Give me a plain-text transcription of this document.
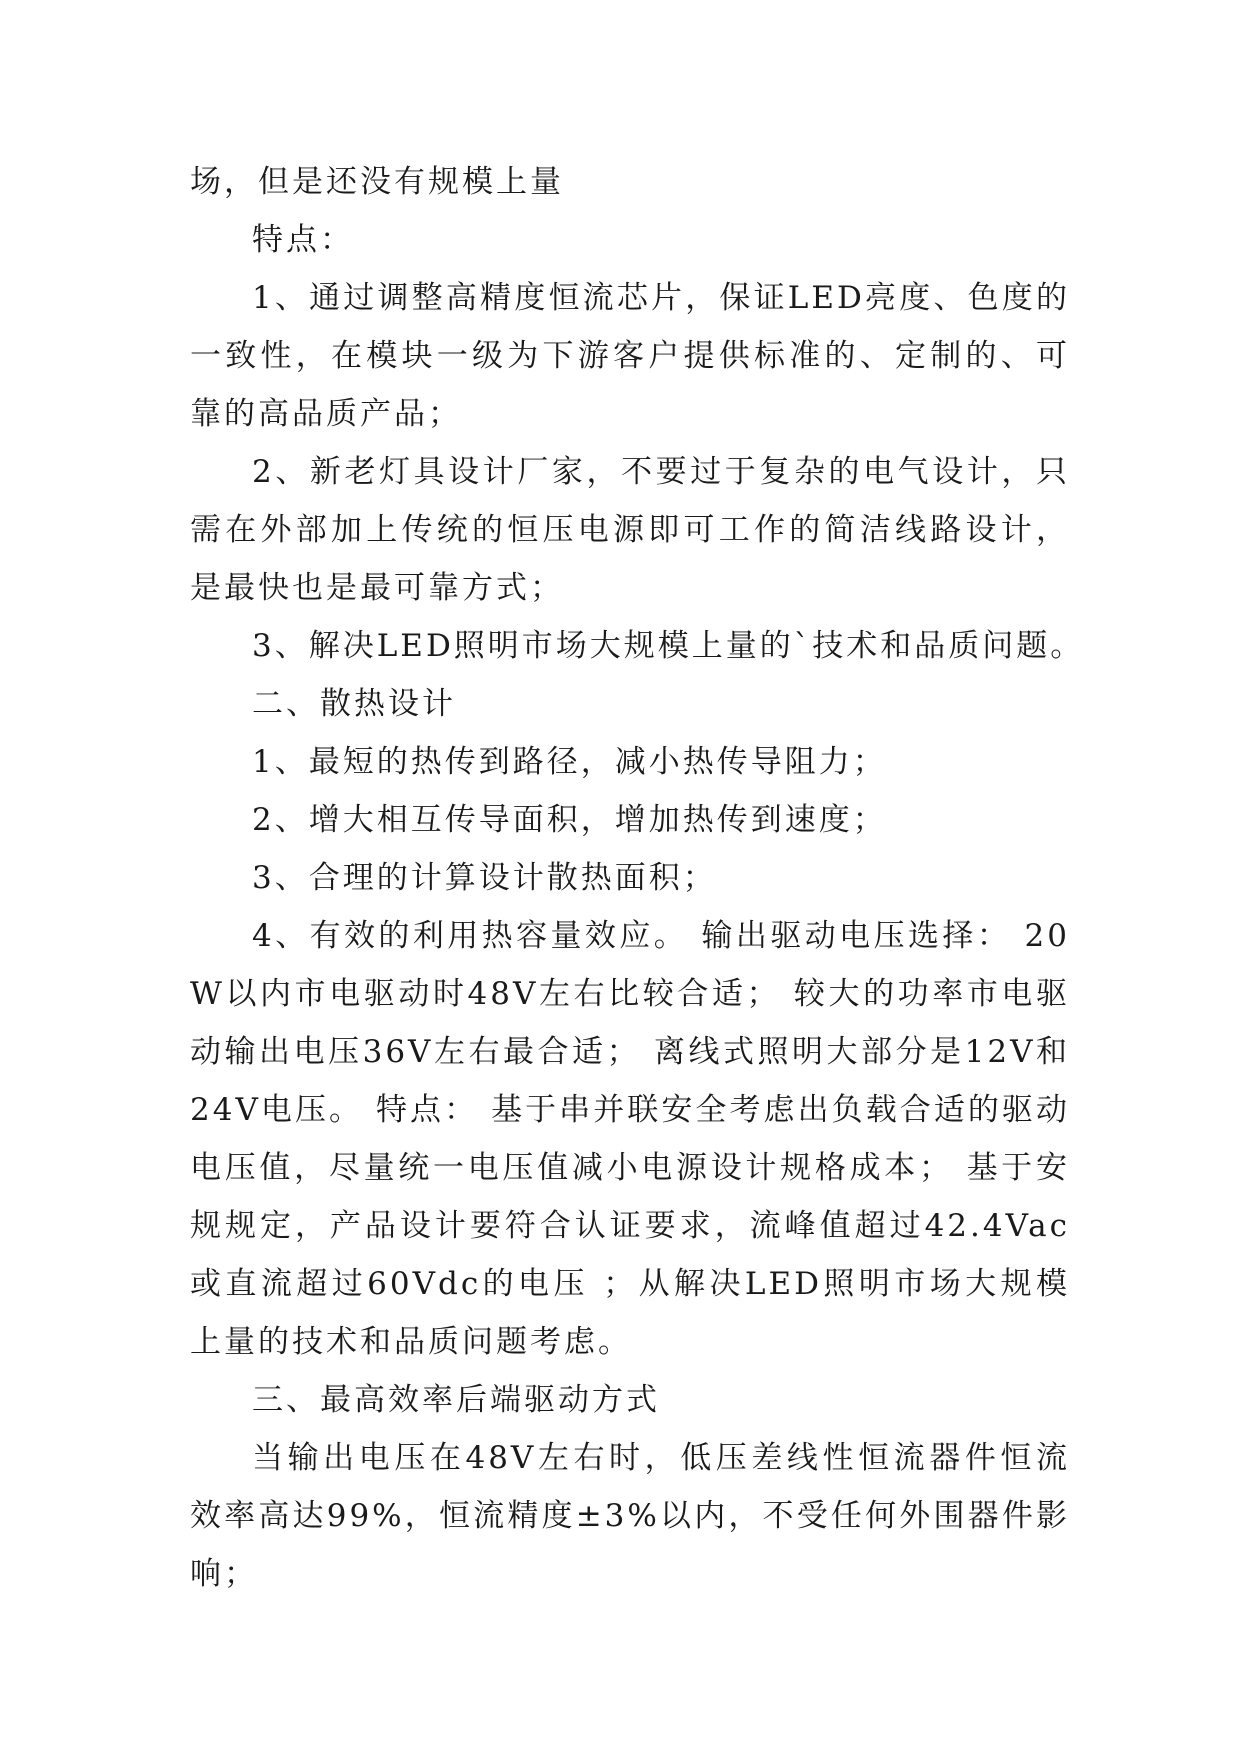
场，但是还没有规模上量

特点：

1、通过调整高精度恒流芯片，保证LED亮度、色度的一致性，在模块一级为下游客户提供标准的、定制的、可靠的高品质产品；

2、新老灯具设计厂家，不要过于复杂的电气设计，只需在外部加上传统的恒压电源即可工作的简洁线路设计，是最快也是最可靠方式；

3、解决LED照明市场大规模上量的`技术和品质问题。

二、散热设计

1、最短的热传到路径，减小热传导阻力；

2、增大相互传导面积，增加热传到速度；

3、合理的计算设计散热面积；

4、有效的利用热容量效应。 输出驱动电压选择： 20W以内市电驱动时48V左右比较合适； 较大的功率市电驱动输出电压36V左右最合适； 离线式照明大部分是12V和24V电压。 特点： 基于串并联安全考虑出负载合适的驱动电压值，尽量统一电压值减小电源设计规格成本； 基于安规规定，产品设计要符合认证要求，流峰值超过42.4Vac或直流超过60Vdc的电压 ；从解决LED照明市场大规模上量的技术和品质问题考虑。

三、最高效率后端驱动方式

当输出电压在48V左右时，低压差线性恒流器件恒流效率高达99%，恒流精度±3%以内，不受任何外围器件影响；
